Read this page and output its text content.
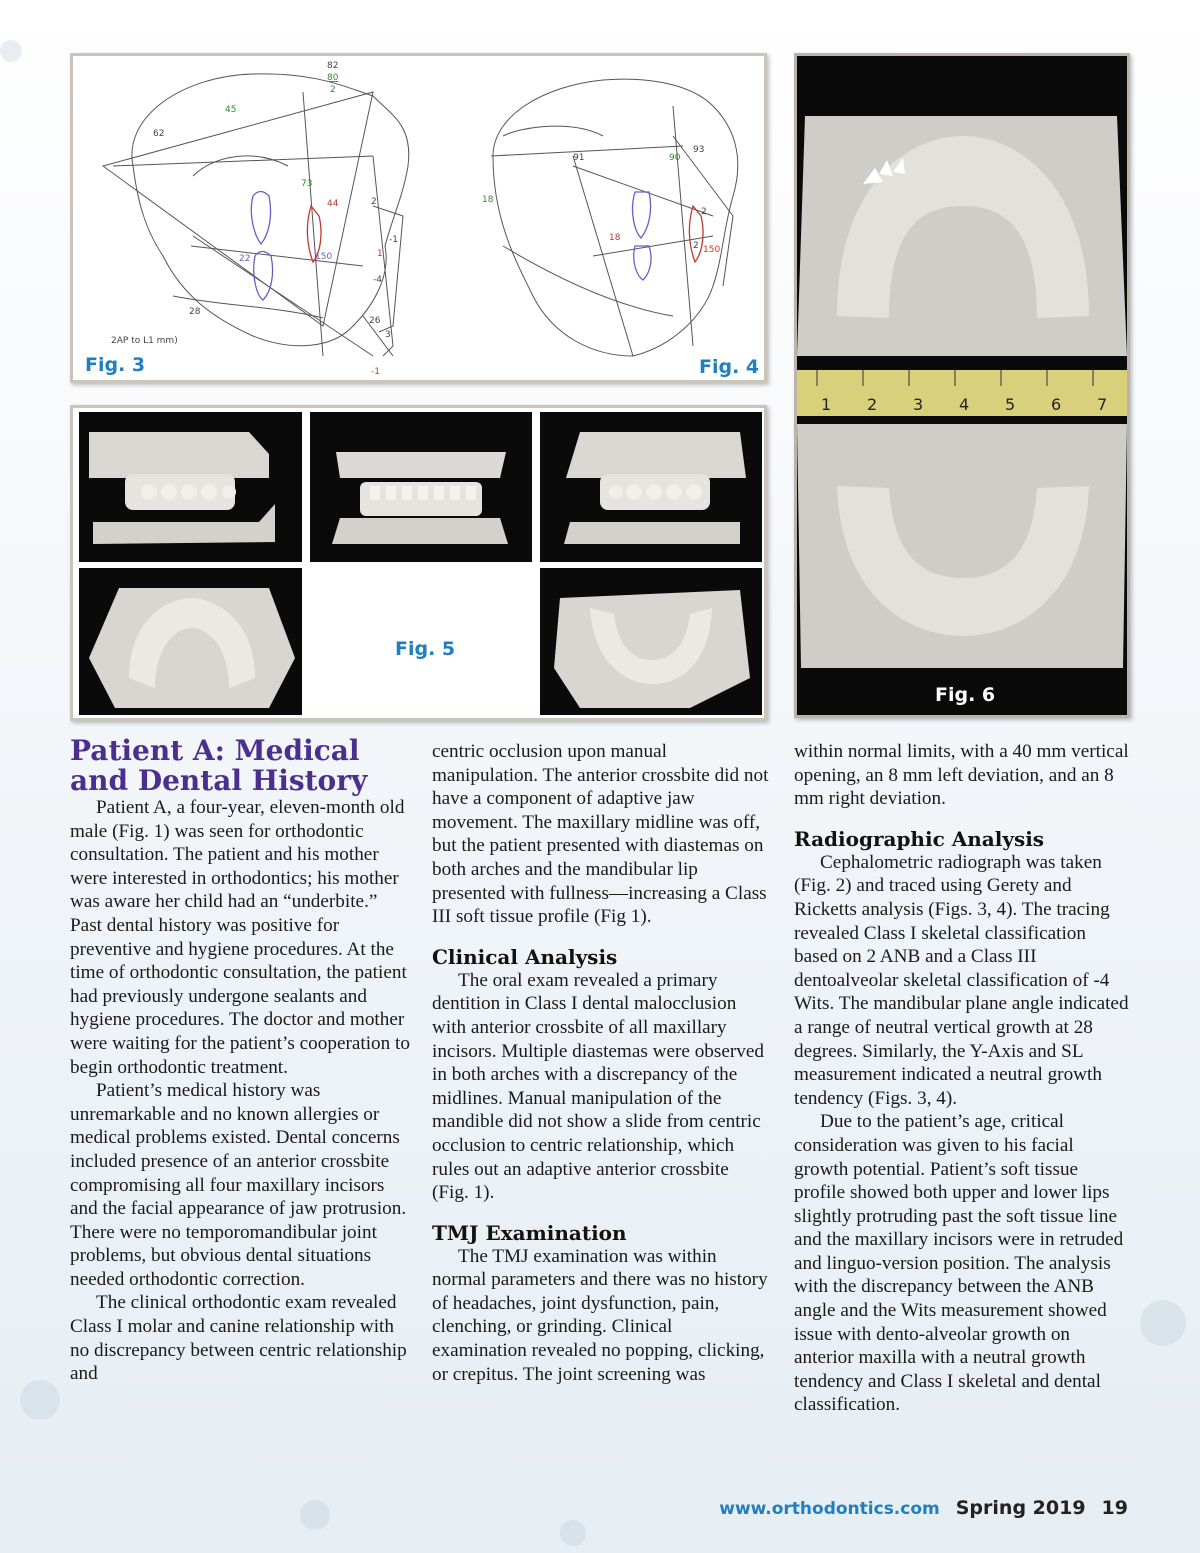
82
80
2
45
62
73
44	2
-1
1
22	150
-4
28
26
3
-1
2AP to L1 mm)
91	90
93
18
2
18
2 150
Fig. 3	Fig. 4
Fig. 5
1 2 3 4 5 6 7
Fig. 6
Patient A: Medical and Dental History

Patient A, a four-year, eleven-month old male (Fig. 1) was seen for orthodontic consultation. The patient and his mother were interested in orthodontics; his mother was aware her child had an “underbite.” Past dental history was positive for preventive and hygiene procedures. At the time of orthodontic consultation, the patient had previously undergone sealants and hygiene procedures. The doctor and mother were waiting for the patient’s cooperation to begin orthodontic treatment.

Patient’s medical history was unremarkable and no known allergies or medical problems existed. Dental concerns included presence of an anterior crossbite compromising all four maxillary incisors and the facial appearance of jaw protrusion. There were no temporomandibular joint problems, but obvious dental situations needed orthodontic correction.

The clinical orthodontic exam revealed Class I molar and canine relationship with no discrepancy between centric relationship and

centric occlusion upon manual manipulation. The anterior crossbite did not have a component of adaptive jaw movement. The maxillary midline was off, but the patient presented with diastemas on both arches and the mandibular lip presented with fullness—increasing a Class III soft tissue profile (Fig 1).

Clinical Analysis

The oral exam revealed a primary dentition in Class I dental malocclusion with anterior crossbite of all maxillary incisors. Multiple diastemas were observed in both arches with a discrepancy of the midlines. Manual manipulation of the mandible did not show a slide from centric occlusion to centric relationship, which rules out an adaptive anterior crossbite (Fig. 1).

TMJ Examination

The TMJ examination was within normal parameters and there was no history of headaches, joint dysfunction, pain, clenching, or grinding. Clinical examination revealed no popping, clicking, or crepitus. The joint screening was

within normal limits, with a 40 mm vertical opening, an 8 mm left deviation, and an 8 mm right deviation.

Radiographic Analysis

Cephalometric radiograph was taken (Fig. 2) and traced using Gerety and Ricketts analysis (Figs. 3, 4). The tracing revealed Class I skeletal classification based on 2 ANB and a Class III dentoalveolar skeletal classification of -4 Wits. The mandibular plane angle indicated a range of neutral vertical growth at 28 degrees. Similarly, the Y-Axis and SL measurement indicated a neutral growth tendency (Figs. 3, 4).

Due to the patient’s age, critical consideration was given to his facial growth potential. Patient’s soft tissue profile showed both upper and lower lips slightly protruding past the soft tissue line and the maxillary incisors were in retruded and linguo-version position. The analysis with the discrepancy between the ANB angle and the Wits measurement showed issue with dento-alveolar growth on anterior maxilla with a neutral growth tendency and Class I skeletal and dental classification.

www.orthodontics.com Spring 2019 19
